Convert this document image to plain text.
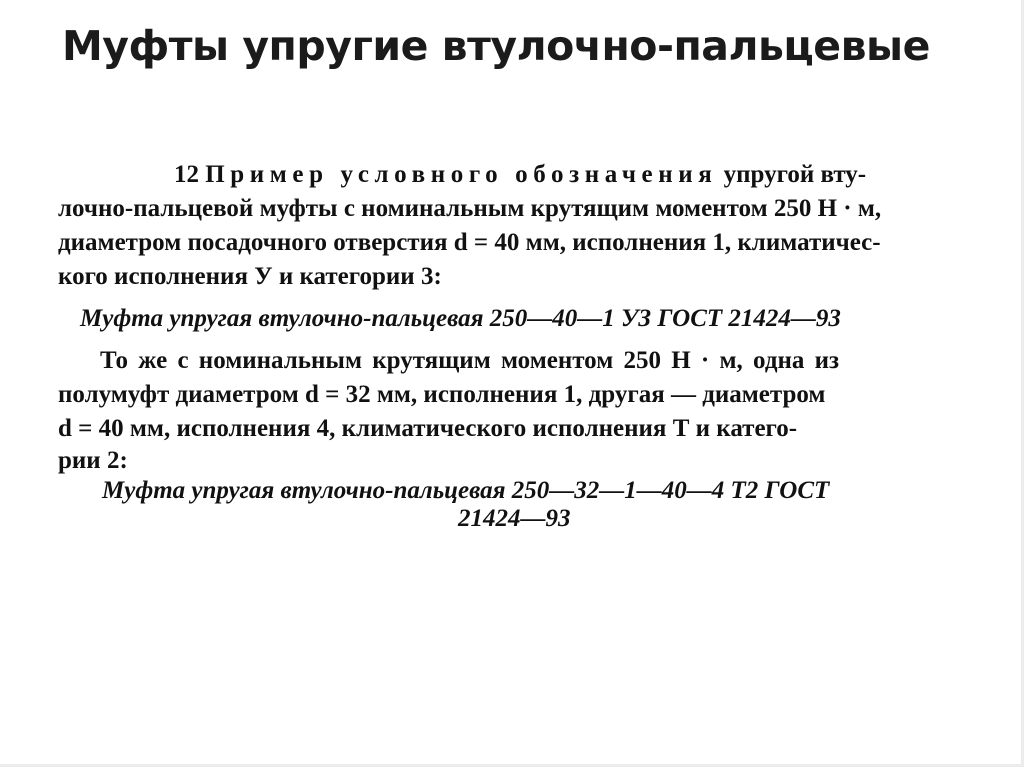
Муфты упругие втулочно-пальцевые
12 Пример условного обозначения упругой вту-
лочно-пальцевой муфты с номинальным крутящим моментом 250 Н · м,
диаметром посадочного отверстия d = 40 мм, исполнения 1, климатичес-
кого исполнения У и категории 3:
Муфта упругая втулочно-пальцевая 250—40—1 УЗ ГОСТ 21424—93
То же с номинальным крутящим моментом 250 Н · м, одна из
полумуфт диаметром d = 32 мм, исполнения 1, другая — диаметром
d = 40 мм, исполнения 4, климатического исполнения Т и катего-
рии 2:
Муфта упругая втулочно-пальцевая 250—32—1—40—4 Т2 ГОСТ
21424—93
